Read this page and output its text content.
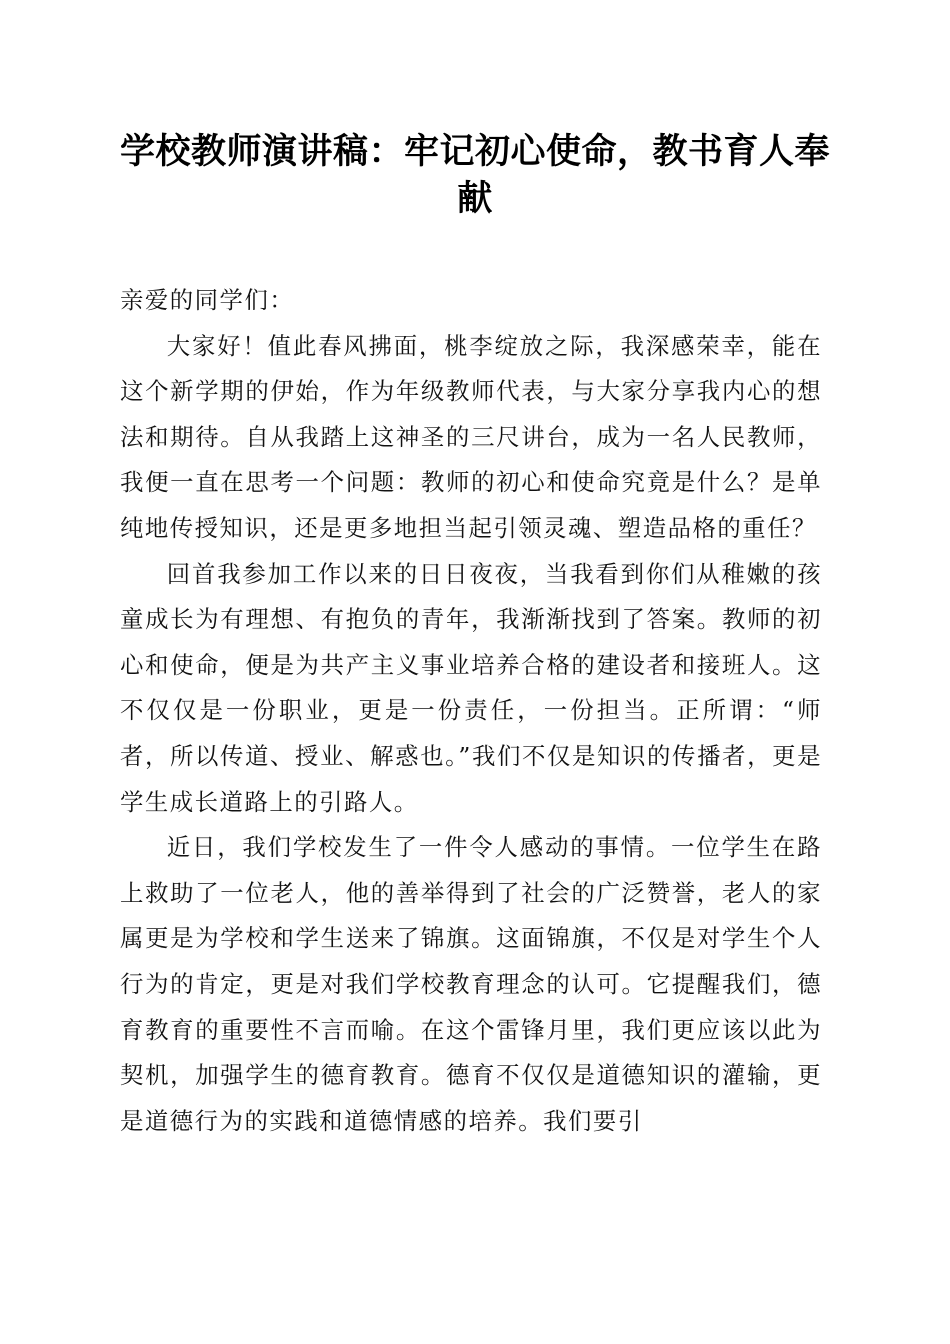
学校教师演讲稿：牢记初心使命，教书育人奉献

亲爱的同学们：

大家好！值此春风拂面，桃李绽放之际，我深感荣幸，能在这个新学期的伊始，作为年级教师代表，与大家分享我内心的想法和期待。自从我踏上这神圣的三尺讲台，成为一名人民教师，我便一直在思考一个问题：教师的初心和使命究竟是什么？是单纯地传授知识，还是更多地担当起引领灵魂、塑造品格的重任？

回首我参加工作以来的日日夜夜，当我看到你们从稚嫩的孩童成长为有理想、有抱负的青年，我渐渐找到了答案。教师的初心和使命，便是为共产主义事业培养合格的建设者和接班人。这不仅仅是一份职业，更是一份责任，一份担当。正所谓：“师者，所以传道、授业、解惑也。”我们不仅是知识的传播者，更是学生成长道路上的引路人。

近日，我们学校发生了一件令人感动的事情。一位学生在路上救助了一位老人，他的善举得到了社会的广泛赞誉，老人的家属更是为学校和学生送来了锦旗。这面锦旗，不仅是对学生个人行为的肯定，更是对我们学校教育理念的认可。它提醒我们，德育教育的重要性不言而喻。在这个雷锋月里，我们更应该以此为契机，加强学生的德育教育。德育不仅仅是道德知识的灌输，更是道德行为的实践和道德情感的培养。我们要引
